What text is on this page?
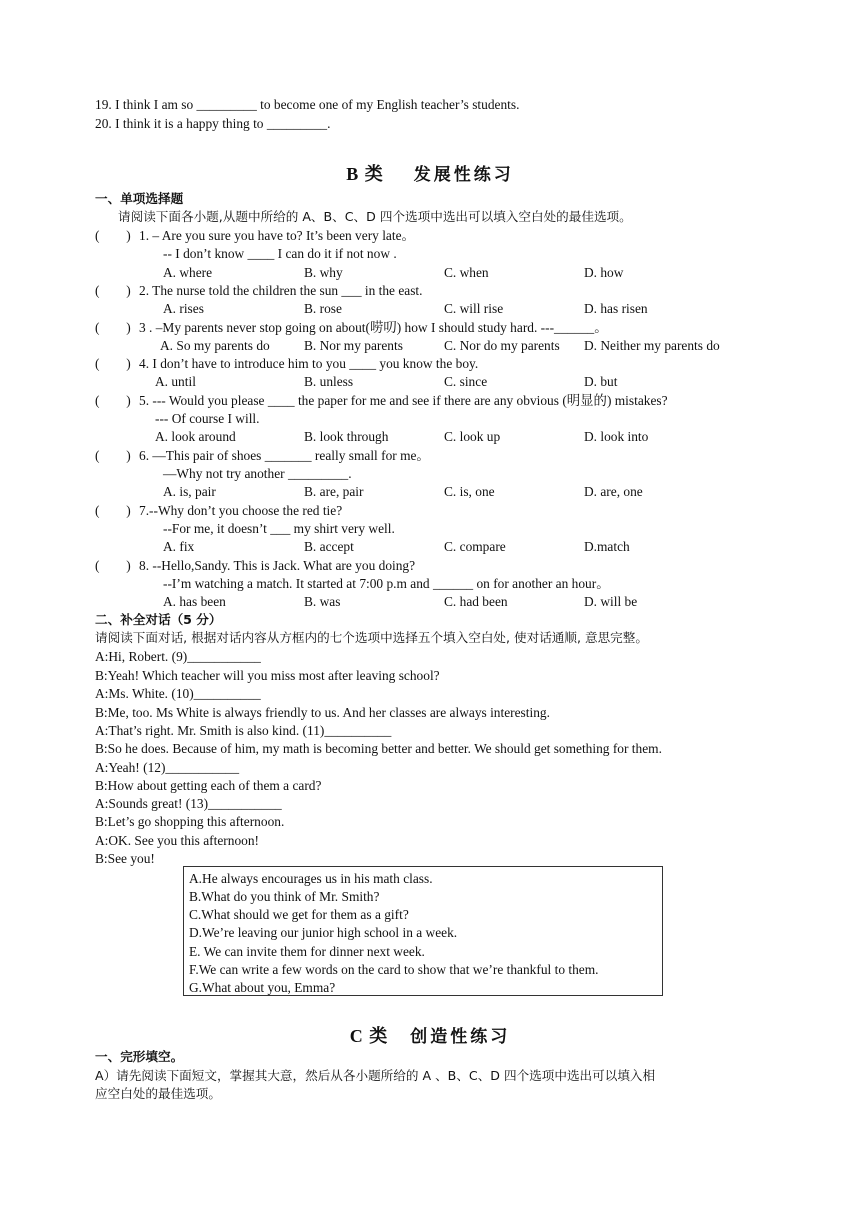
19. I think I am so _________ to become one of my English teacher’s students.
20. I think it is a happy thing to _________.
B 类 发展性练习
一、单项选择题
请阅读下面各小题,从题中所给的 A、B、C、D 四个选项中选出可以填入空白处的最佳选项。
(        ) 1. – Are you sure you have to? It’s been very late。
-- I don’t know ____ I can do it if not now .
A. where	B. why	C. when	D. how
(        ) 2. The nurse told the children the sun ___ in the east.
A. rises	B. rose	C. will rise	D. has risen
(        ) 3 . –My parents never stop going on about(唠叨) how I should study hard. ---______。
A. So my parents do	B. Nor my parents	C. Nor do my parents D. Neither my parents do
(        ) 4. I don’t have to introduce him to you ____ you know the boy.
A. until	B. unless	C. since	D. but
(        ) 5. --- Would you please ____ the paper for me and see if there are any obvious (明显的) mistakes?
--- Of course I will.
A. look around	B. look through	C. look up	D. look into
(        ) 6. —This pair of shoes _______ really small for me。
—Why not try another _________.
A. is, pair	B. are, pair	C. is, one	D. are, one
(        ) 7.--Why don’t you choose the red tie?
--For me, it doesn’t ___ my shirt very well.
A. fix	B. accept	C. compare	D.match
(        ) 8. --Hello,Sandy. This is Jack. What are you doing?
--I’m watching a match. It started at 7:00 p.m and ______ on for another an hour。
A. has been	B. was	C. had been	D. will be
二、补全对话（5 分）
请阅读下面对话, 根据对话内容从方框内的七个选项中选择五个填入空白处, 使对话通顺, 意思完整。
A:Hi, Robert. (9)___________
B:Yeah! Which teacher will you miss most after leaving school?
A:Ms. White. (10)__________
B:Me, too. Ms White is always friendly to us. And her classes are always interesting.
A:That’s right. Mr. Smith is also kind. (11)__________
B:So he does. Because of him, my math is becoming better and better. We should get something for them.
A:Yeah! (12)___________
B:How about getting each of them a card?
A:Sounds great! (13)___________
B:Let’s go shopping this afternoon.
A:OK. See you this afternoon!
B:See you!
A.He always encourages us in his math class.
B.What do you think of Mr. Smith?
C.What should we get for them as a gift?
D.We’re leaving our junior high school in a week.
E. We can invite them for dinner next week.
F.We can write a few words on the card to show that we’re thankful to them.
G.What about you, Emma?
C 类 创造性练习
一、完形填空。
A）请先阅读下面短文，掌握其大意，然后从各小题所给的 A 、B、C、D 四个选项中选出可以填入相
应空白处的最佳选项。
